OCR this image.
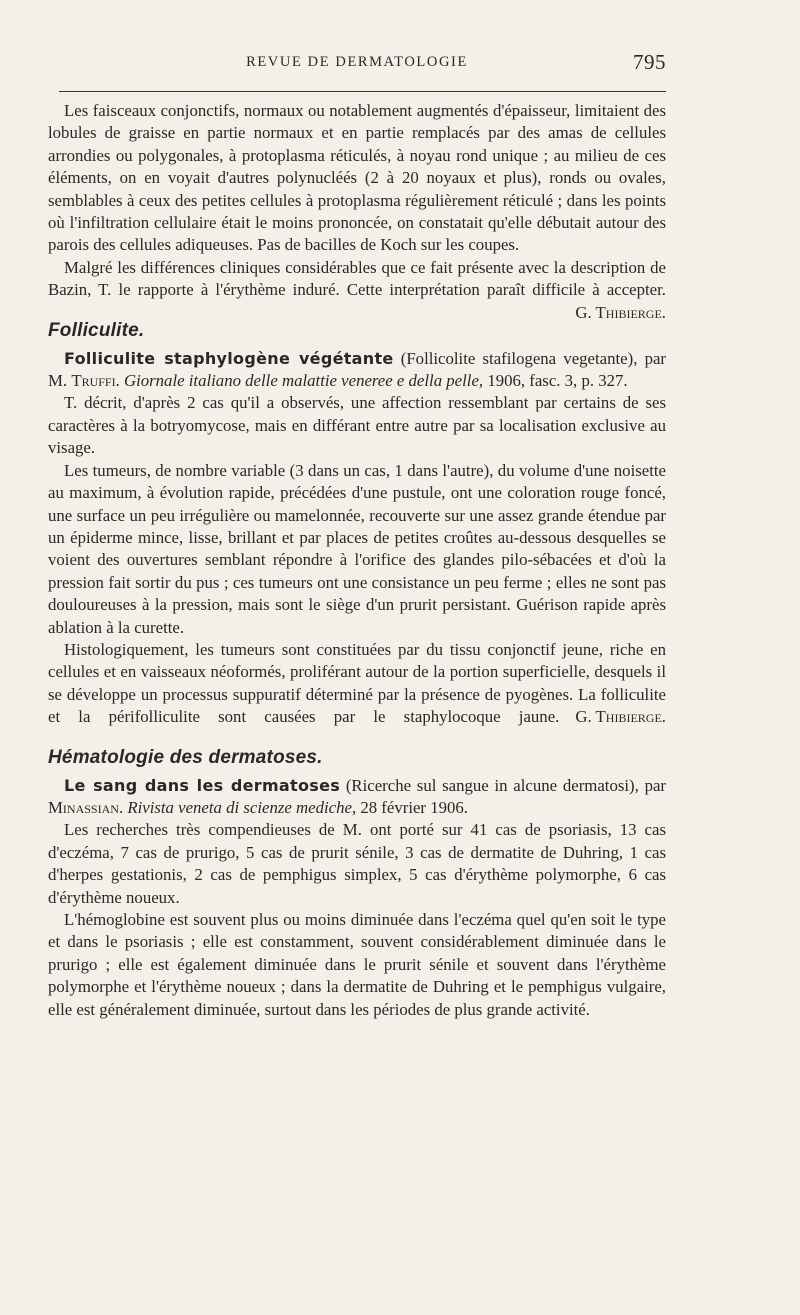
REVUE DE DERMATOLOGIE	795

Les faisceaux conjonctifs, normaux ou notablement augmentés d'épaisseur, limitaient des lobules de graisse en partie normaux et en partie remplacés par des amas de cellules arrondies ou polygonales, à protoplasma réticulés, à noyau rond unique ; au milieu de ces éléments, on en voyait d'autres polynucléés (2 à 20 noyaux et plus), ronds ou ovales, semblables à ceux des petites cellules à protoplasma régulièrement réticulé ; dans les points où l'infiltration cellulaire était le moins prononcée, on constatait qu'elle débutait autour des parois des cellules adiqueuses. Pas de bacilles de Koch sur les coupes.

Malgré les différences cliniques considérables que ce fait présente avec la description de Bazin, T. le rapporte à l'érythème induré. Cette interprétation paraît difficile à accepter.
G. Thibierge.

Folliculite.

Folliculite staphylogène végétante (Follicolite stafilogena vegetante), par M. Truffi. Giornale italiano delle malattie veneree e della pelle, 1906, fasc. 3, p. 327.

T. décrit, d'après 2 cas qu'il a observés, une affection ressemblant par certains de ses caractères à la botryomycose, mais en différant entre autre par sa localisation exclusive au visage.

Les tumeurs, de nombre variable (3 dans un cas, 1 dans l'autre), du volume d'une noisette au maximum, à évolution rapide, précédées d'une pustule, ont une coloration rouge foncé, une surface un peu irrégulière ou mamelonnée, recouverte sur une assez grande étendue par un épiderme mince, lisse, brillant et par places de petites croûtes au-dessous desquelles se voient des ouvertures semblant répondre à l'orifice des glandes pilo-sébacées et d'où la pression fait sortir du pus ; ces tumeurs ont une consistance un peu ferme ; elles ne sont pas douloureuses à la pression, mais sont le siège d'un prurit persistant. Guérison rapide après ablation à la curette.

Histologiquement, les tumeurs sont constituées par du tissu conjonctif jeune, riche en cellules et en vaisseaux néoformés, proliférant autour de la portion superficielle, desquels il se développe un processus suppuratif déterminé par la présence de pyogènes. La folliculite et la périfolliculite sont causées par le staphylocoque jaune. G. Thibierge.

Hématologie des dermatoses.

Le sang dans les dermatoses (Ricerche sul sangue in alcune dermatosi), par Minassian. Rivista veneta di scienze mediche, 28 février 1906.

Les recherches très compendieuses de M. ont porté sur 41 cas de psoriasis, 13 cas d'eczéma, 7 cas de prurigo, 5 cas de prurit sénile, 3 cas de dermatite de Duhring, 1 cas d'herpes gestationis, 2 cas de pemphigus simplex, 5 cas d'érythème polymorphe, 6 cas d'érythème noueux.

L'hémoglobine est souvent plus ou moins diminuée dans l'eczéma quel qu'en soit le type et dans le psoriasis ; elle est constamment, souvent considérablement diminuée dans le prurigo ; elle est également diminuée dans le prurit sénile et souvent dans l'érythème polymorphe et l'érythème noueux ; dans la dermatite de Duhring et le pemphigus vulgaire, elle est généralement diminuée, surtout dans les périodes de plus grande activité.
